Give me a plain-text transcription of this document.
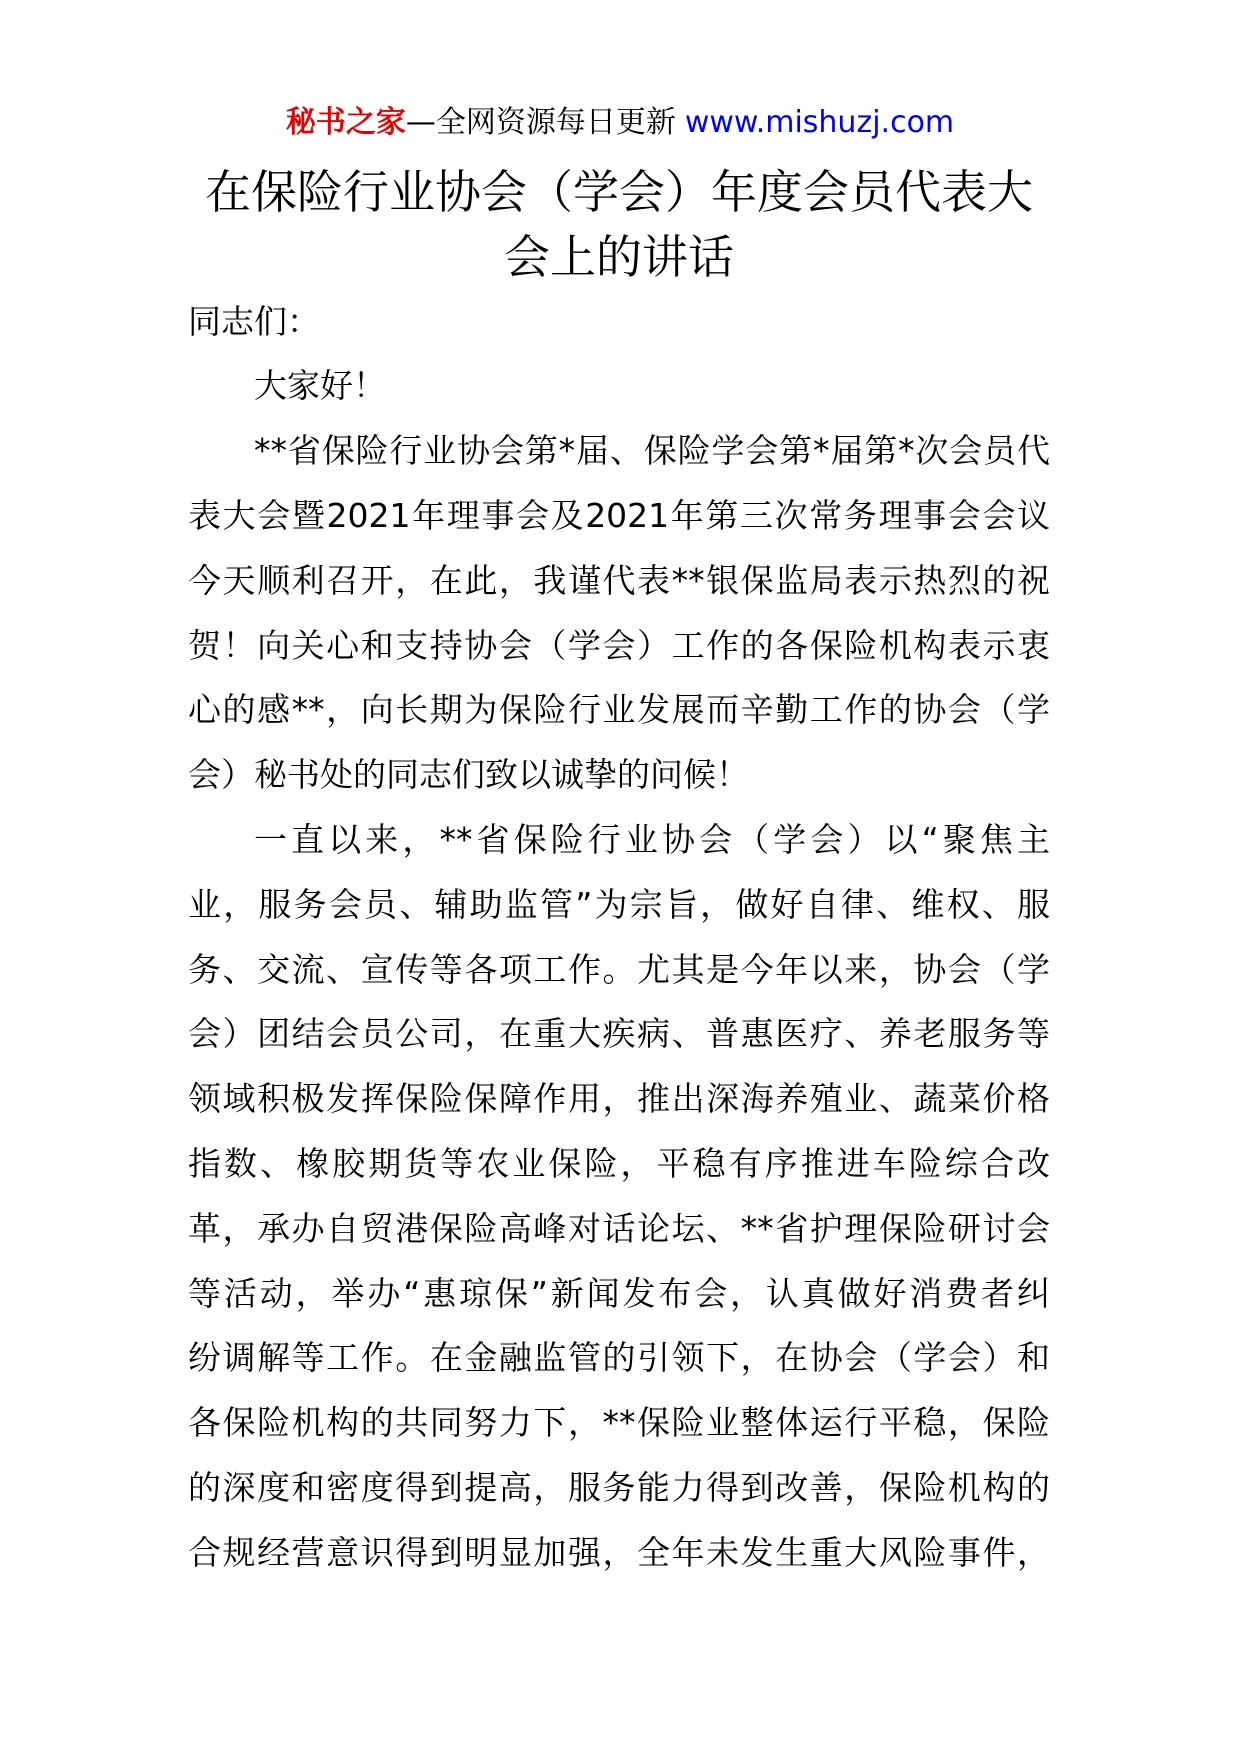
秘书之家—全网资源每日更新 www.mishuzj.com
在保险行业协会（学会）年度会员代表大会上的讲话
同志们：
大家好！
**省保险行业协会第*届、保险学会第*届第*次会员代
表大会暨2021年理事会及2021年第三次常务理事会会议
今天顺利召开，在此，我谨代表**银保监局表示热烈的祝
贺！向关心和支持协会（学会）工作的各保险机构表示衷
心的感**，向长期为保险行业发展而辛勤工作的协会（学
会）秘书处的同志们致以诚挚的问候！
一直以来，**省保险行业协会（学会）以“聚焦主
业，服务会员、辅助监管”为宗旨，做好自律、维权、服
务、交流、宣传等各项工作。尤其是今年以来，协会（学
会）团结会员公司，在重大疾病、普惠医疗、养老服务等
领域积极发挥保险保障作用，推出深海养殖业、蔬菜价格
指数、橡胶期货等农业保险，平稳有序推进车险综合改
革，承办自贸港保险高峰对话论坛、**省护理保险研讨会
等活动，举办“惠琼保”新闻发布会，认真做好消费者纠
纷调解等工作。在金融监管的引领下，在协会（学会）和
各保险机构的共同努力下，**保险业整体运行平稳，保险
的深度和密度得到提高，服务能力得到改善，保险机构的
合规经营意识得到明显加强，全年未发生重大风险事件，
